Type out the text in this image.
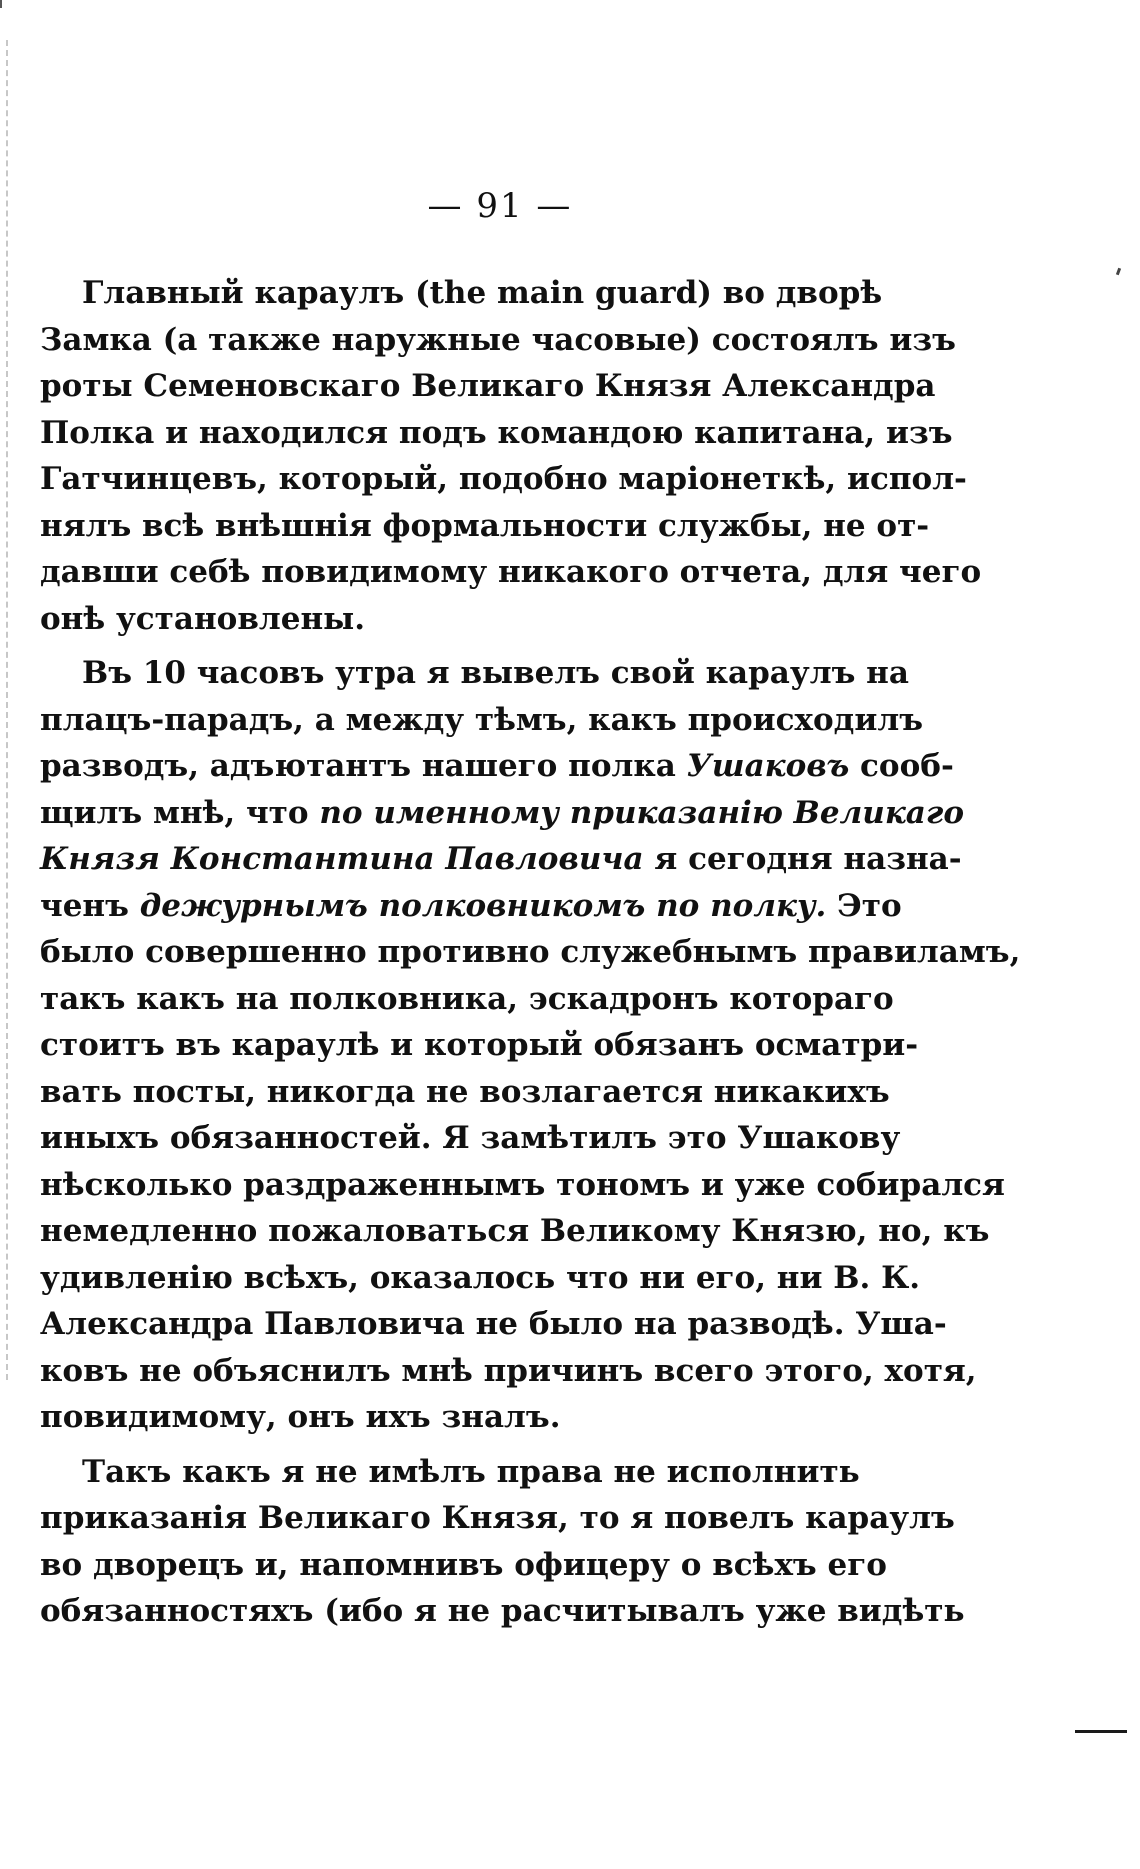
— 91 —
Главный караулъ (the main guard) во дворѣ
Замка (а также наружные часовые) состоялъ изъ
роты Семеновскаго Великаго Князя Александра
Полка и находился подъ командою капитана, изъ
Гатчинцевъ, который, подобно маріонеткѣ, испол-
нялъ всѣ внѣшнія формальности службы, не от-
давши себѣ повидимому никакого отчета, для чего
онѣ установлены.
Въ 10 часовъ утра я вывелъ свой караулъ на
плацъ-парадъ, а между тѣмъ, какъ происходилъ
разводъ, адъютантъ нашего полка Ушаковъ сооб-
щилъ мнѣ, что по именному приказанію Великаго
Князя Константина Павловича я сегодня назна-
ченъ дежурнымъ полковникомъ по полку. Это
было совершенно противно служебнымъ правиламъ,
такъ какъ на полковника, эскадронъ котораго
стоитъ въ караулѣ и который обязанъ осматри-
вать посты, никогда не возлагается никакихъ
иныхъ обязанностей. Я замѣтилъ это Ушакову
нѣсколько раздраженнымъ тономъ и уже собирался
немедленно пожаловаться Великому Князю, но, къ
удивленію всѣхъ, оказалось что ни его, ни В. К.
Александра Павловича не было на разводѣ. Уша-
ковъ не объяснилъ мнѣ причинъ всего этого, хотя,
повидимому, онъ ихъ зналъ.
Такъ какъ я не имѣлъ права не исполнить
приказанія Великаго Князя, то я повелъ караулъ
во дворецъ и, напомнивъ офицеру о всѣхъ его
обязанностяхъ (ибо я не расчитывалъ уже видѣть
